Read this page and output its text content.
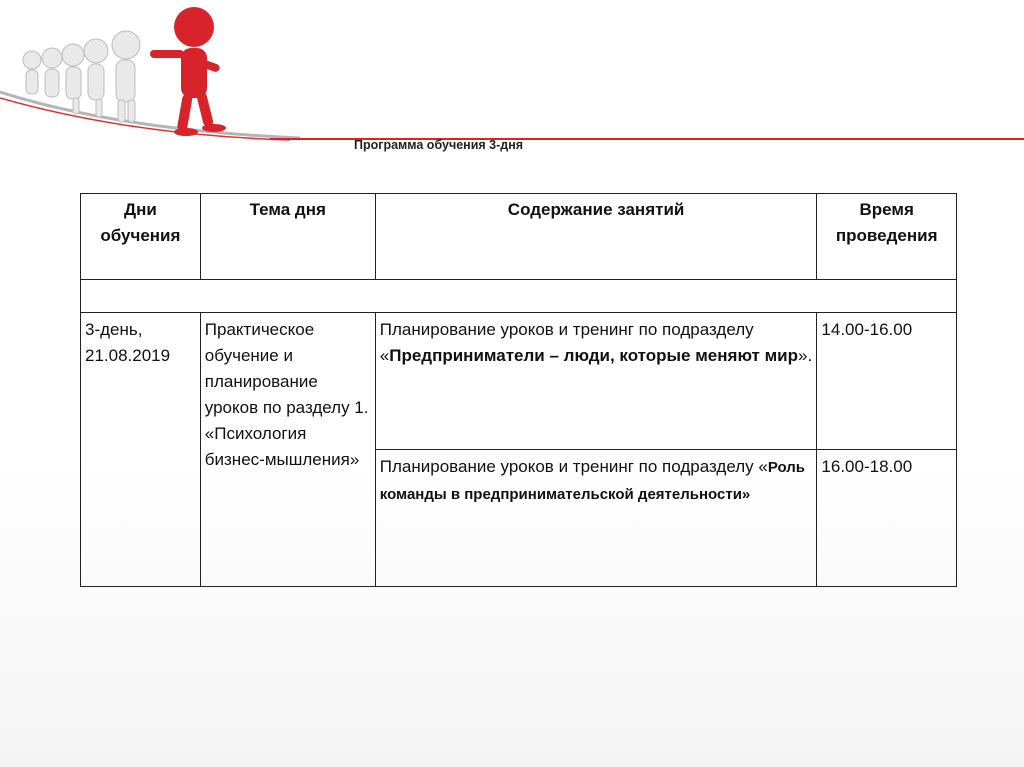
Программа обучения 3-дня
Дни обучения	Тема дня	Содержание занятий	Время проведения

3-день, 21.08.2019	Практическое обучение и планирование уроков по разделу 1. «Психология бизнес-мышления»	Планирование уроков и тренинг по подразделу «Предприниматели – люди, которые меняют мир».	14.00-16.00
		Планирование уроков и тренинг по подразделу «Роль команды в предпринимательской деятельности»	16.00-18.00
